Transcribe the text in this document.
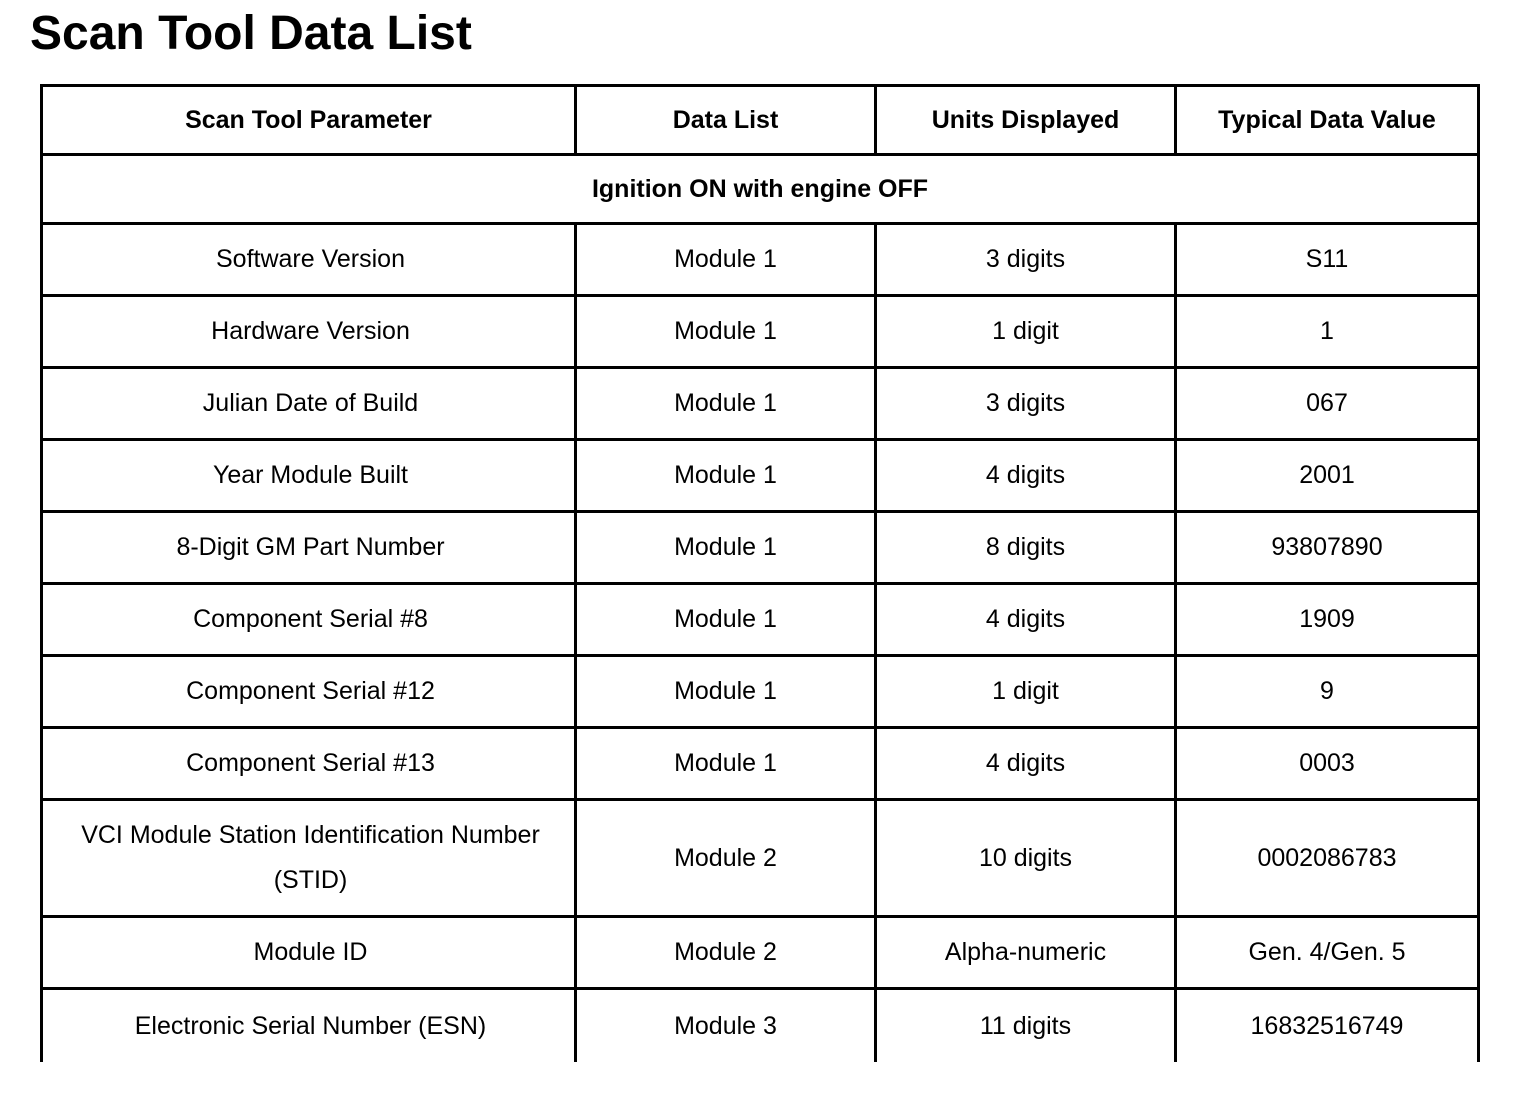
Scan Tool Data List
Scan Tool Parameter	Data List	Units Displayed	Typical Data Value
Ignition ON with engine OFF			
Software Version	Module 1	3 digits	S11
Hardware Version	Module 1	1 digit	1
Julian Date of Build	Module 1	3 digits	067
Year Module Built	Module 1	4 digits	2001
8-Digit GM Part Number	Module 1	8 digits	93807890
Component Serial #8	Module 1	4 digits	1909
Component Serial #12	Module 1	1 digit	9
Component Serial #13	Module 1	4 digits	0003
VCI Module Station Identification Number (STID)	Module 2	10 digits	0002086783
Module ID	Module 2	Alpha-numeric	Gen. 4/Gen. 5
Electronic Serial Number (ESN)	Module 3	11 digits	16832516749
